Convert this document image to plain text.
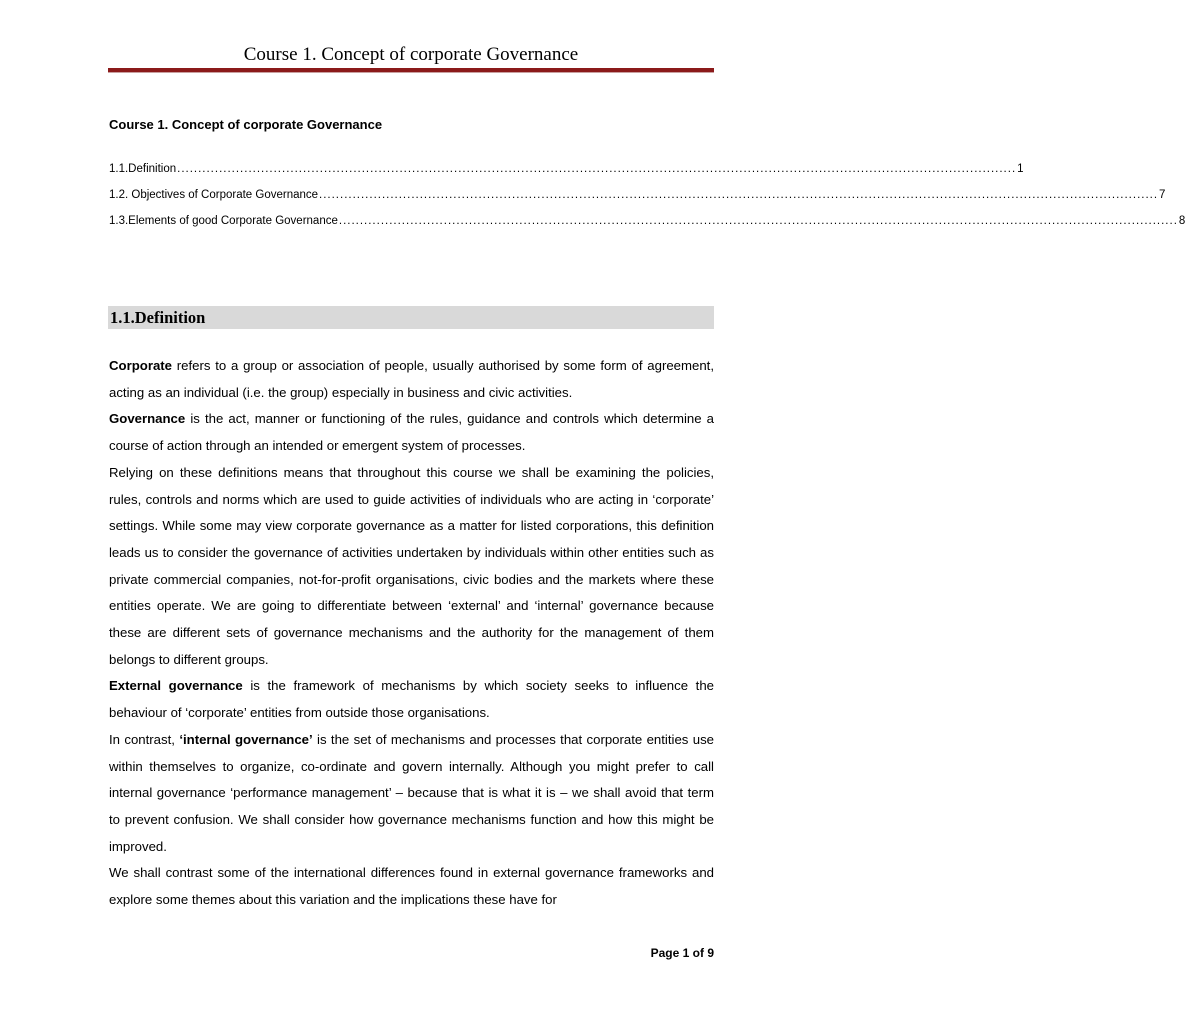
Course 1. Concept of corporate Governance
Course 1. Concept of corporate Governance
1.1.Definition ........................................................................................................................................................................................................ 1
1.2. Objectives of Corporate Governance ........................................................................................................................................................................................................ 7
1.3.Elements of good Corporate Governance ........................................................................................................................................................................................................ 8
1.1.Definition

Corporate refers to a group or association of people, usually authorised by some form of agreement, acting as an individual (i.e. the group) especially in business and civic activities.

Governance is the act, manner or functioning of the rules, guidance and controls which determine a course of action through an intended or emergent system of processes.

Relying on these definitions means that throughout this course we shall be examining the policies, rules, controls and norms which are used to guide activities of individuals who are acting in ‘corporate’ settings. While some may view corporate governance as a matter for listed corporations, this definition leads us to consider the governance of activities undertaken by individuals within other entities such as private commercial companies, not-for-profit organisations, civic bodies and the markets where these entities operate. We are going to differentiate between ‘external’ and ‘internal’ governance because these are different sets of governance mechanisms and the authority for the management of them belongs to different groups.

External governance is the framework of mechanisms by which society seeks to influence the behaviour of ‘corporate’ entities from outside those organisations.

In contrast, ‘internal governance’ is the set of mechanisms and processes that corporate entities use within themselves to organize, co-ordinate and govern internally. Although you might prefer to call internal governance ‘performance management’ – because that is what it is – we shall avoid that term to prevent confusion. We shall consider how governance mechanisms function and how this might be improved.

We shall contrast some of the international differences found in external governance frameworks and explore some themes about this variation and the implications these have for

Page 1 of 9
